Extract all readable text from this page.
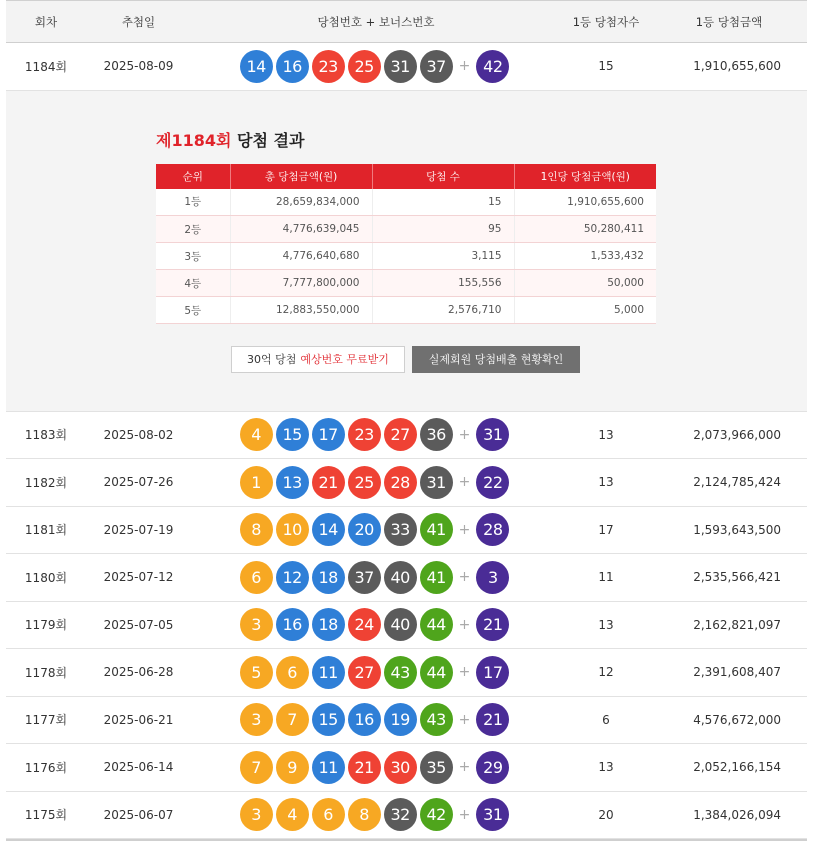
회차	추첨일	당첨번호 + 보너스번호	1등 당첨자수	1등 당첨금액
1184회	2025-08-09	14	16	23	25	31	37 + 42	15	1,910,655,600
제1184회 당첨 결과
순위	총 당첨금액(원)	당첨 수	1인당 당첨금액(원)
1등	28,659,834,000	15	1,910,655,600
2등	4,776,639,045	95	50,280,411
3등	4,776,640,680	3,115	1,533,432
4등	7,777,800,000	155,556	50,000
5등	12,883,550,000	2,576,710	5,000
30억 당첨 예상번호 무료받기	실제회원 당첨배출 현황확인
1183회	2025-08-02	4	15	17	23	27	36 + 31	13	2,073,966,000
1182회	2025-07-26	1	13	21	25	28	31 + 22	13	2,124,785,424
1181회	2025-07-19	8	10	14	20	33	41 + 28	17	1,593,643,500
1180회	2025-07-12	6	12	18	37	40	41 +	3	11	2,535,566,421
1179회	2025-07-05	3	16	18	24	40	44 + 21	13	2,162,821,097
1178회	2025-06-28	5	6	11	27	43	44 + 17	12	2,391,608,407
1177회	2025-06-21	3	7	15	16	19	43 + 21	6	4,576,672,000
1176회	2025-06-14	7	9	11	21	30	35 + 29	13	2,052,166,154
1175회	2025-06-07	3	4	6	8	32	42 + 31	20	1,384,026,094
